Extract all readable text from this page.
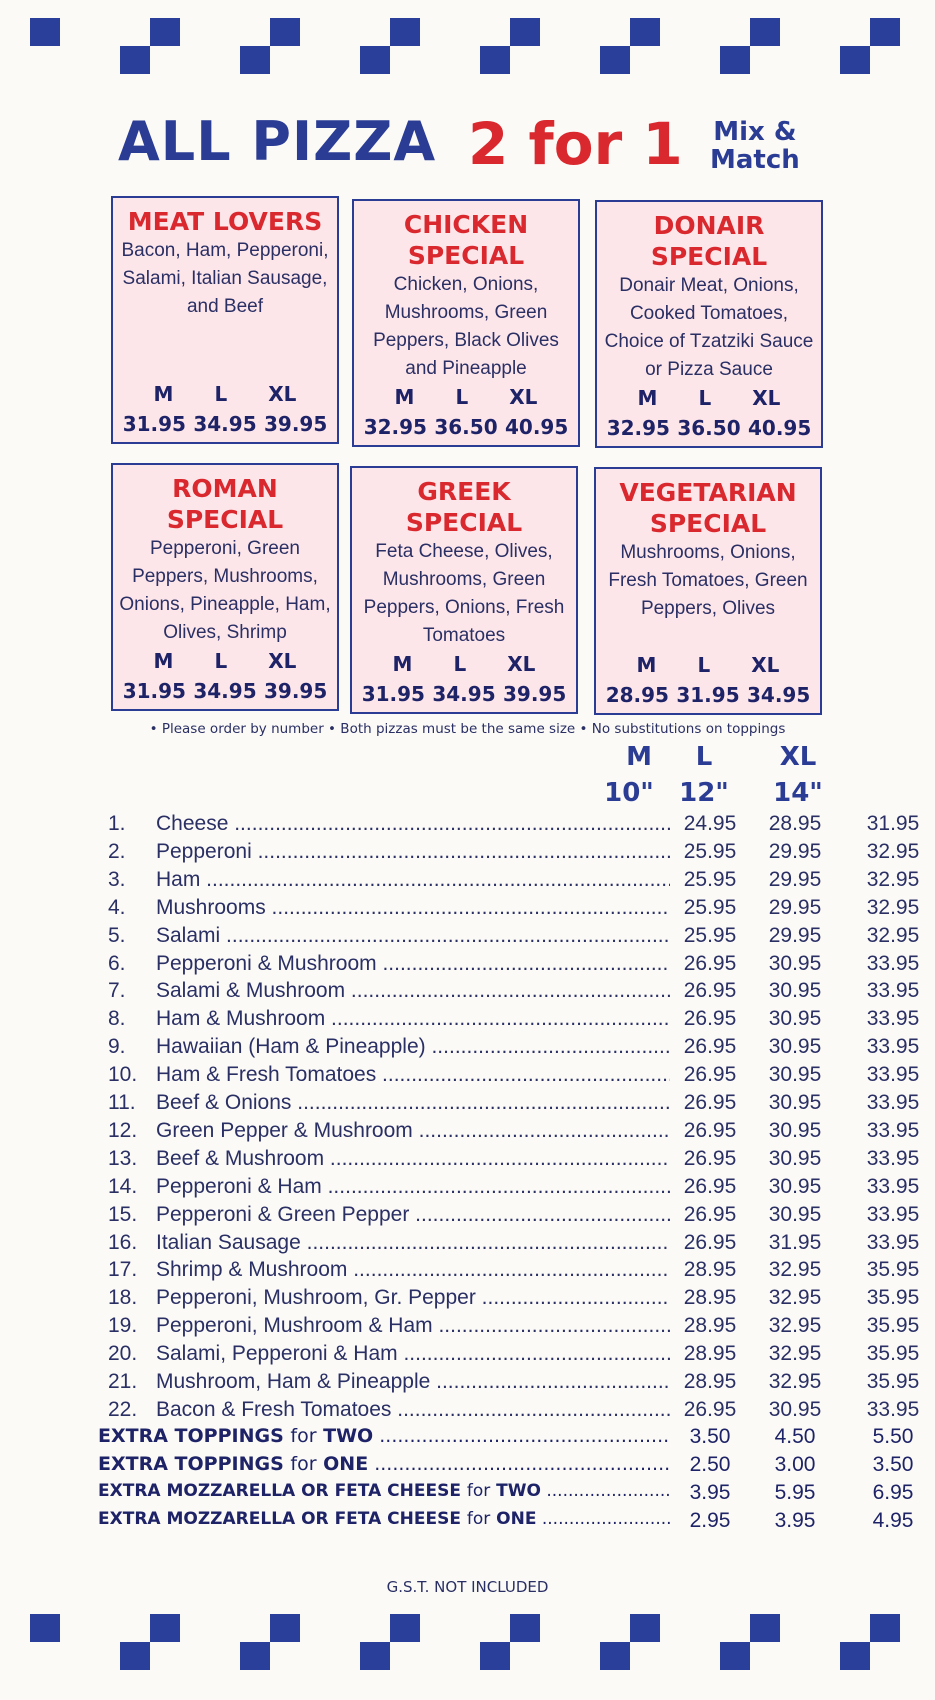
ALL PIZZA 2 for 1 Mix &
Match
MEAT LOVERS
Bacon, Ham, Pepperoni, Salami, Italian Sausage, and Beef
M L XL
31.95 34.95 39.95
CHICKEN SPECIAL
Chicken, Onions, Mushrooms, Green Peppers, Black Olives and Pineapple
M L XL
32.95 36.50 40.95
DONAIR SPECIAL
Donair Meat, Onions, Cooked Tomatoes, Choice of Tzatziki Sauce or Pizza Sauce
M L XL
32.95 36.50 40.95
ROMAN SPECIAL
Pepperoni, Green Peppers, Mushrooms, Onions, Pineapple, Ham, Olives, Shrimp
M L XL
31.95 34.95 39.95
GREEK SPECIAL
Feta Cheese, Olives, Mushrooms, Green Peppers, Onions, Fresh Tomatoes
M L XL
31.95 34.95 39.95
VEGETARIAN SPECIAL
Mushrooms, Onions, Fresh Tomatoes, Green Peppers, Olives
M L XL
28.95 31.95 34.95
• Please order by number • Both pizzas must be the same size • No substitutions on toppings
M	L	XL
10" 12"	14"
1. Cheese .....	24.95	28.95	31.95
2. Pepperoni .....	25.95	29.95	32.95
3. Ham .....	25.95	29.95	32.95
4. Mushrooms .....	25.95	29.95	32.95
5. Salami .....	25.95	29.95	32.95
6. Pepperoni & Mushroom .....	26.95	30.95	33.95
7. Salami & Mushroom .....	26.95	30.95	33.95
8. Ham & Mushroom .....	26.95	30.95	33.95
9. Hawaiian (Ham & Pineapple) .....	26.95	30.95	33.95
10. Ham & Fresh Tomatoes .....	26.95	30.95	33.95
11. Beef & Onions .....	26.95	30.95	33.95
12. Green Pepper & Mushroom .....	26.95	30.95	33.95
13. Beef & Mushroom .....	26.95	30.95	33.95
14. Pepperoni & Ham .....	26.95	30.95	33.95
15. Pepperoni & Green Pepper .....	26.95	30.95	33.95
16. Italian Sausage .....	26.95	31.95	33.95
17. Shrimp & Mushroom .....	28.95	32.95	35.95
18. Pepperoni, Mushroom, Gr. Pepper .....	28.95	32.95	35.95
19. Pepperoni, Mushroom & Ham .....	28.95	32.95	35.95
20. Salami, Pepperoni & Ham .....	28.95	32.95	35.95
21. Mushroom, Ham & Pineapple .....	28.95	32.95	35.95
22. Bacon & Fresh Tomatoes .....	26.95	30.95	33.95
EXTRA TOPPINGS for TWO .....	3.50	4.50	5.50
EXTRA TOPPINGS for ONE .....	2.50	3.00	3.50
EXTRA MOZZARELLA OR FETA CHEESE for TWO .....	3.95	5.95	6.95
EXTRA MOZZARELLA OR FETA CHEESE for ONE .....	2.95	3.95	4.95
G.S.T. NOT INCLUDED
